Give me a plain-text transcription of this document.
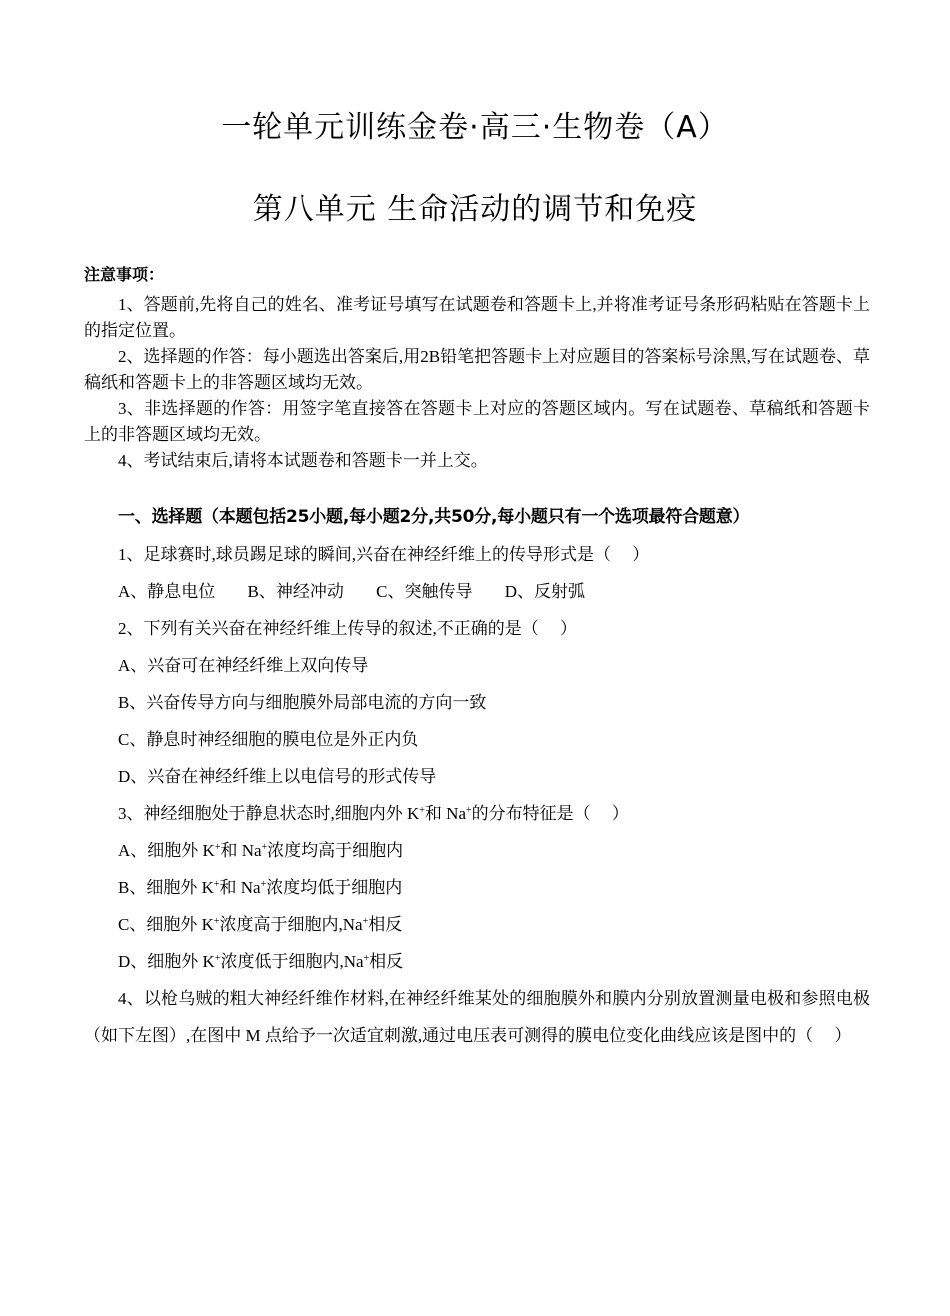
一轮单元训练金卷·高三·生物卷（A）
第八单元 生命活动的调节和免疫
注意事项：

1、答题前,先将自己的姓名、准考证号填写在试题卷和答题卡上,并将准考证号条形码粘贴在答题卡上的指定位置。

2、选择题的作答：每小题选出答案后,用2B铅笔把答题卡上对应题目的答案标号涂黑,写在试题卷、草稿纸和答题卡上的非答题区域均无效。

3、非选择题的作答：用签字笔直接答在答题卡上对应的答题区域内。写在试题卷、草稿纸和答题卡上的非答题区域均无效。

4、考试结束后,请将本试题卷和答题卡一并上交。

一、选择题（本题包括25小题,每小题2分,共50分,每小题只有一个选项最符合题意）
1、足球赛时,球员踢足球的瞬间,兴奋在神经纤维上的传导形式是（　 ）
A、静息电位 B、神经冲动 C、突触传导 D、反射弧
2、下列有关兴奋在神经纤维上传导的叙述,不正确的是（　 ）
A、兴奋可在神经纤维上双向传导
B、兴奋传导方向与细胞膜外局部电流的方向一致
C、静息时神经细胞的膜电位是外正内负
D、兴奋在神经纤维上以电信号的形式传导
3、神经细胞处于静息状态时,细胞内外 K+和 Na+的分布特征是（　 ）
A、细胞外 K+和 Na+浓度均高于细胞内
B、细胞外 K+和 Na+浓度均低于细胞内
C、细胞外 K+浓度高于细胞内,Na+相反
D、细胞外 K+浓度低于细胞内,Na+相反

4、以枪乌贼的粗大神经纤维作材料,在神经纤维某处的细胞膜外和膜内分别放置测量电极和参照电极（如下左图）,在图中 M 点给予一次适宜刺激,通过电压表可测得的膜电位变化曲线应该是图中的（　 ）
